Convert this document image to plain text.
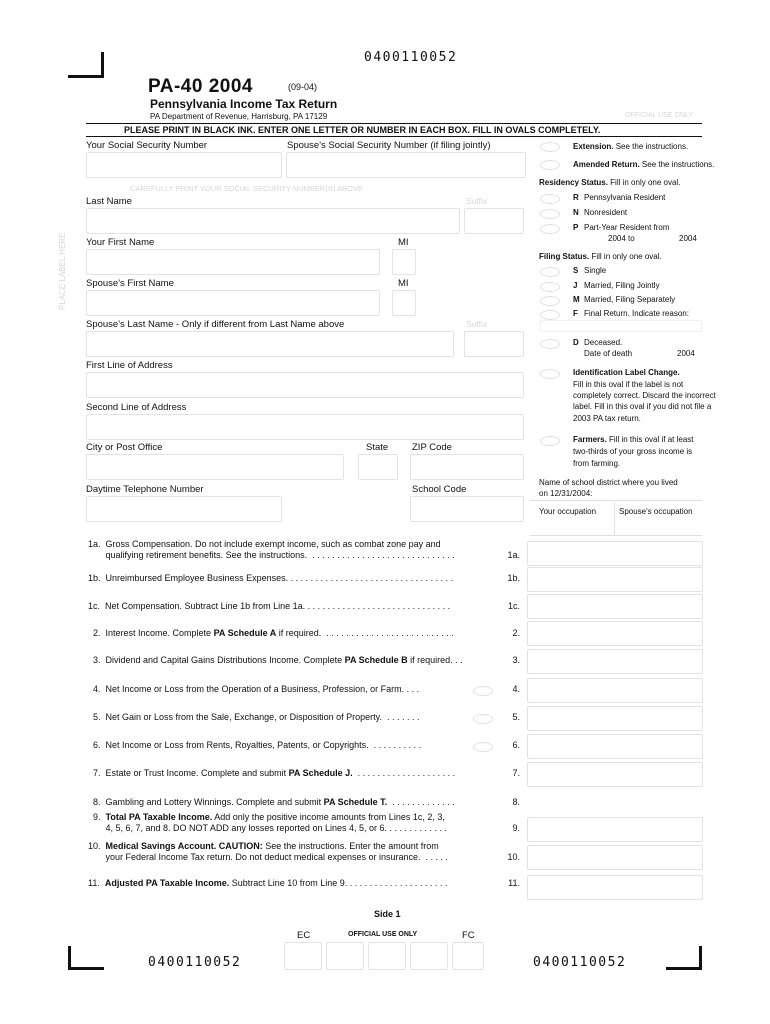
0400110052
PA-40 2004	(09-04)
Pennsylvania Income Tax Return
PA Department of Revenue, Harrisburg, PA 17129	OFFICIAL USE ONLY
PLEASE PRINT IN BLACK INK. ENTER ONE LETTER OR NUMBER IN EACH BOX. FILL IN OVALS COMPLETELY.
Your Social Security Number	Spouse's Social Security Number (if filing jointly)
CAREFULLY PRINT YOUR SOCIAL SECURITY NUMBER(S) ABOVE
PLACE LABEL HERE
Last Name	Suffix
Your First Name	MI
Spouse's First Name	MI
Spouse's Last Name - Only if different from Last Name above	Suffix
First Line of Address
Second Line of Address
City or Post Office	State	ZIP Code
Daytime Telephone Number	School Code
Extension. See the instructions.
Amended Return. See the instructions.
Residency Status. Fill in only one oval.
R Pennsylvania Resident
N Nonresident
P Part-Year Resident from
2004 to	2004
Filing Status. Fill in only one oval.
S Single
J Married, Filing Jointly
M Married, Filing Separately
F Final Return. Indicate reason:
D Deceased.
Date of death	2004
Identification Label Change.
Fill in this oval if the label is not
completely correct. Discard the incorrect
label. Fill in this oval if you did not file a
2003 PA tax return.
Farmers. Fill in this oval if at least
two-thirds of your gross income is
from farming.
Name of school district where you lived
on 12/31/2004:
Your occupation	Spouse's occupation
1a.  Gross Compensation. Do not include exempt income, such as combat zone pay and
qualifying retirement benefits. See the instructions.  . . . . . . . . . . . . . . . . . . . . . . . . . . . . .	1a.
1b.  Unreimbursed Employee Business Expenses. . . . . . . . . . . . . . . . . . . . . . . . . . . . . . . . . .	1b.
1c.  Net Compensation. Subtract Line 1b from Line 1a. . . . . . . . . . . . . . . . . . . . . . . . . . . . . .	1c.
2.  Interest Income. Complete PA Schedule A if required.  . . . . . . . . . . . . . . . . . . . . . . . . . .	2.
3.  Dividend and Capital Gains Distributions Income. Complete PA Schedule B if required. . .	3.
4.  Net Income or Loss from the Operation of a Business, Profession, or Farm. . . .	4.
5.  Net Gain or Loss from the Sale, Exchange, or Disposition of Property.  . . . . . . .	5.
6.  Net Income or Loss from Rents, Royalties, Patents, or Copyrights.  . . . . . . . . . .	6.
7.  Estate or Trust Income. Complete and submit PA Schedule J.  . . . . . . . . . . . . . . . . . . . .	7.
8.  Gambling and Lottery Winnings. Complete and submit PA Schedule T.  . . . . . . . . . . . . .	8.
9.  Total PA Taxable Income. Add only the positive income amounts from Lines 1c, 2, 3,
4, 5, 6, 7, and 8. DO NOT ADD any losses reported on Lines 4, 5, or 6. . . . . . . . . . . . .	9.
10.  Medical Savings Account. CAUTION: See the instructions. Enter the amount from
your Federal Income Tax return. Do not deduct medical expenses or insurance.  . . . . .	10.
11.  Adjusted PA Taxable Income. Subtract Line 10 from Line 9. . . . . . . . . . . . . . . . . . . . .	11.
Side 1
EC	OFFICIAL USE ONLY	FC
0400110052	0400110052
